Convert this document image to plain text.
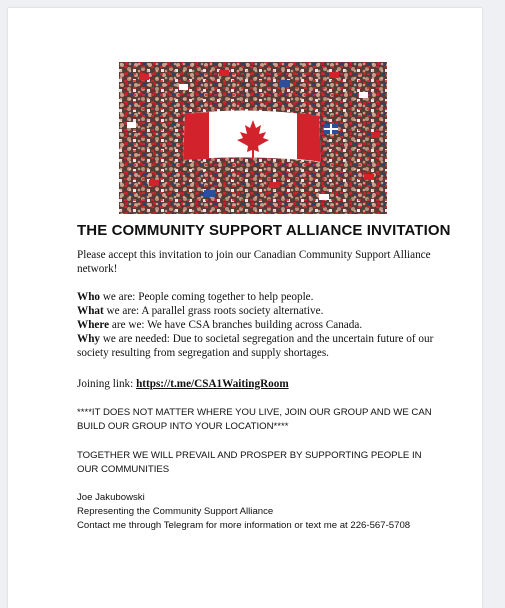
THE COMMUNITY SUPPORT ALLIANCE INVITATION

Please accept this invitation to join our Canadian Community Support Alliance network!

Who we are: People coming together to help people.
What we are: A parallel grass roots society alternative.
Where are we: We have CSA branches building across Canada.
Why we are needed: Due to societal segregation and the uncertain future of our society resulting from segregation and supply shortages.

Joining link: https://t.me/CSA1WaitingRoom

****IT DOES NOT MATTER WHERE YOU LIVE, JOIN OUR GROUP AND WE CAN BUILD OUR GROUP INTO YOUR LOCATION****

TOGETHER WE WILL PREVAIL AND PROSPER BY SUPPORTING PEOPLE IN OUR COMMUNITIES

Joe Jakubowski
Representing the Community Support Alliance
Contact me through Telegram for more information or text me at 226-567-5708
